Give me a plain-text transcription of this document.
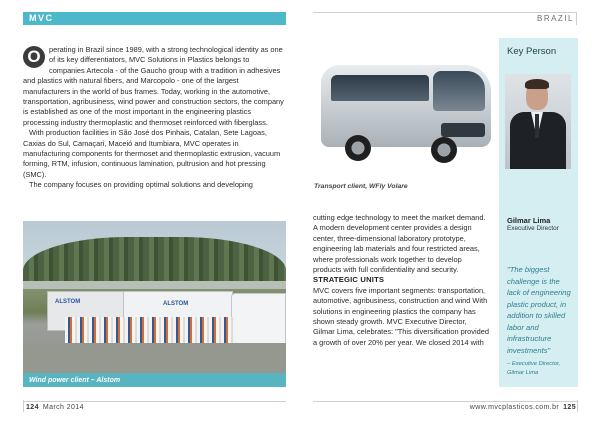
MVC	BRAZIL

O	perating in Brazil since 1989, with a strong technological identity as one of its key differentiators, MVC Solutions in Plastics belongs to companies Artecola - of the Gaucho group with a tradition in adhesives and plastics with natural fibers, and Marcopolo - one of the largest manufacturers in the world of bus frames. Today, working in the automotive, transportation, agribusiness, wind power and construction sectors, the company is established as one of the most important in the engineering plastics processing industry thermoplastic and thermoset reinforced with fiberglass.

With production facilities in São José dos Pinhais, Catalan, Sete Lagoas, Caxias do Sul, Camaçari, Maceió and Itumbiara, MVC operates in manufacturing components for thermoset and thermoplastic extrusion, vacuum forming, RTM, infusion, continuous lamination, pultrusion and hot pressing (SMC).

The company focuses on providing optimal solutions and developing

ALSTOM	ALSTOM
Wind power client – Alstom
Transport client, WFly Volare

cutting edge technology to meet the market demand. A modern development center provides a design center, three-dimensional laboratory prototype, engineering lab materials and four restricted areas, where professionals work together to develop products with full confidentiality and security.

STRATEGIC UNITS

MVC covers five important segments: transportation, automotive, agribusiness, construction and wind With solutions in engineering plastics the company has shown steady growth. MVC Executive Director, Gilmar Lima, celebrates: "This diversification provided a growth of over 20% per year. We closed 2014 with

Key Person
Gilmar Lima
Executive Director
"The biggest challenge is the lack of engineering plastic product, in addition to skilled labor and infrastructure investments"
– Executive Director, Gilmar Lima
124 March 2014	www.mvcplasticos.com.br 125
